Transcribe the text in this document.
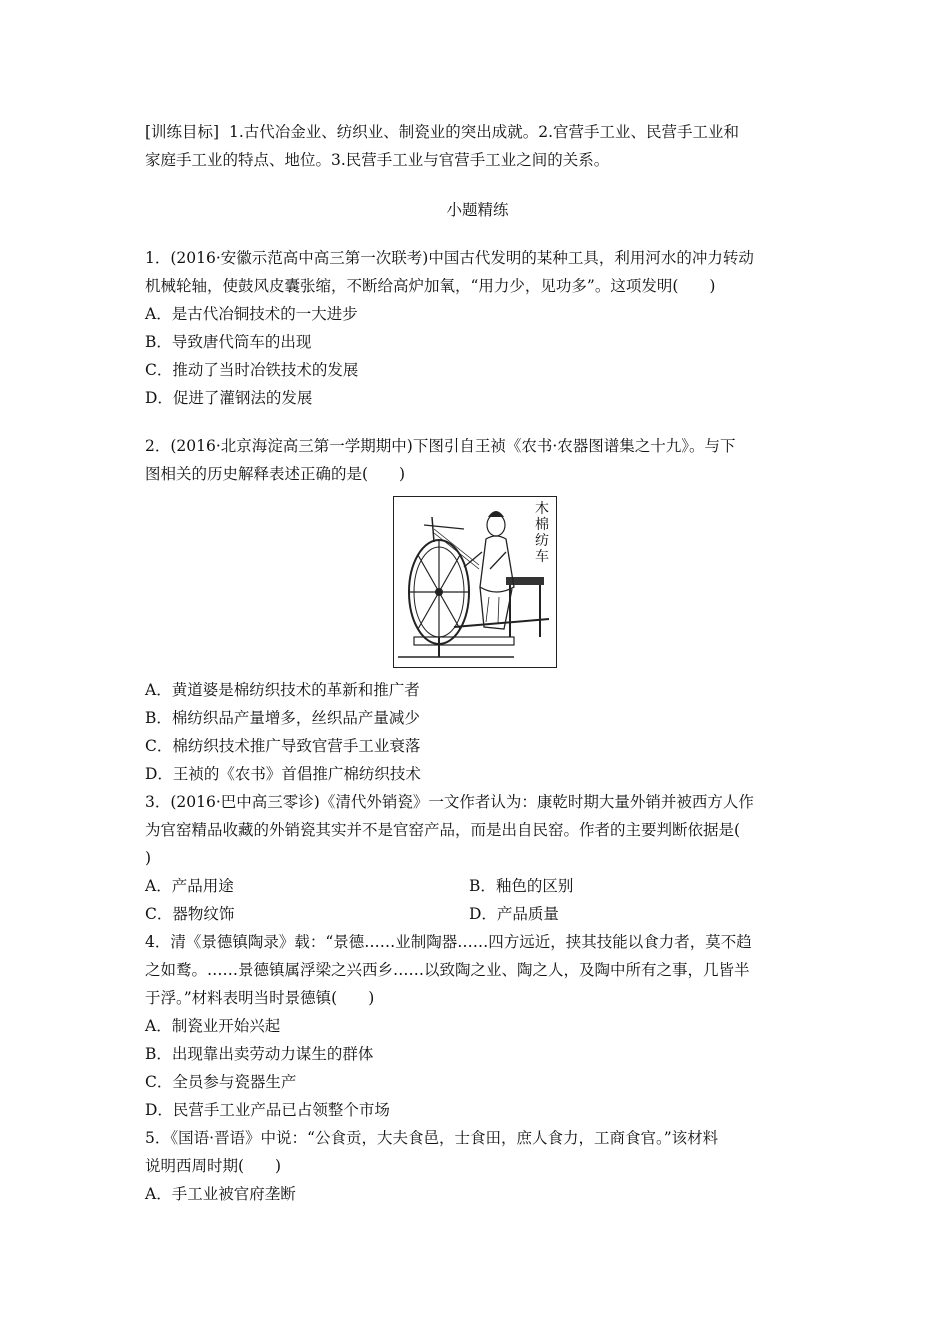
[训练目标] 1.古代冶金业、纺织业、制瓷业的突出成就。2.官营手工业、民营手工业和
家庭手工业的特点、地位。3.民营手工业与官营手工业之间的关系。
小题精练
1．(2016·安徽示范高中高三第一次联考)中国古代发明的某种工具，利用河水的冲力转动
机械轮轴，使鼓风皮囊张缩，不断给高炉加氧，“用力少，见功多”。这项发明(　　)
A．是古代冶铜技术的一大进步
B．导致唐代筒车的出现
C．推动了当时冶铁技术的发展
D．促进了灌钢法的发展
2．(2016·北京海淀高三第一学期期中)下图引自王祯《农书·农器图谱集之十九》。与下
图相关的历史解释表述正确的是(　　)
木
棉
纺
车
A．黄道婆是棉纺织技术的革新和推广者
B．棉纺织品产量增多，丝织品产量减少
C．棉纺织技术推广导致官营手工业衰落
D．王祯的《农书》首倡推广棉纺织技术
3．(2016·巴中高三零诊)《清代外销瓷》一文作者认为：康乾时期大量外销并被西方人作
为官窑精品收藏的外销瓷其实并不是官窑产品，而是出自民窑。作者的主要判断依据是(
)
A．产品用途	B．釉色的区别
C．器物纹饰	D．产品质量
4．清《景德镇陶录》载：“景德……业制陶器……四方远近，挟其技能以食力者，莫不趋
之如鹜。……景德镇属浮梁之兴西乡……以致陶之业、陶之人，及陶中所有之事，几皆半
于浮。”材料表明当时景德镇(　　)
A．制瓷业开始兴起
B．出现靠出卖劳动力谋生的群体
C．全员参与瓷器生产
D．民营手工业产品已占领整个市场
5．《国语·晋语》中说：“公食贡，大夫食邑，士食田，庶人食力，工商食官。”该材料
说明西周时期(　　)
A．手工业被官府垄断
